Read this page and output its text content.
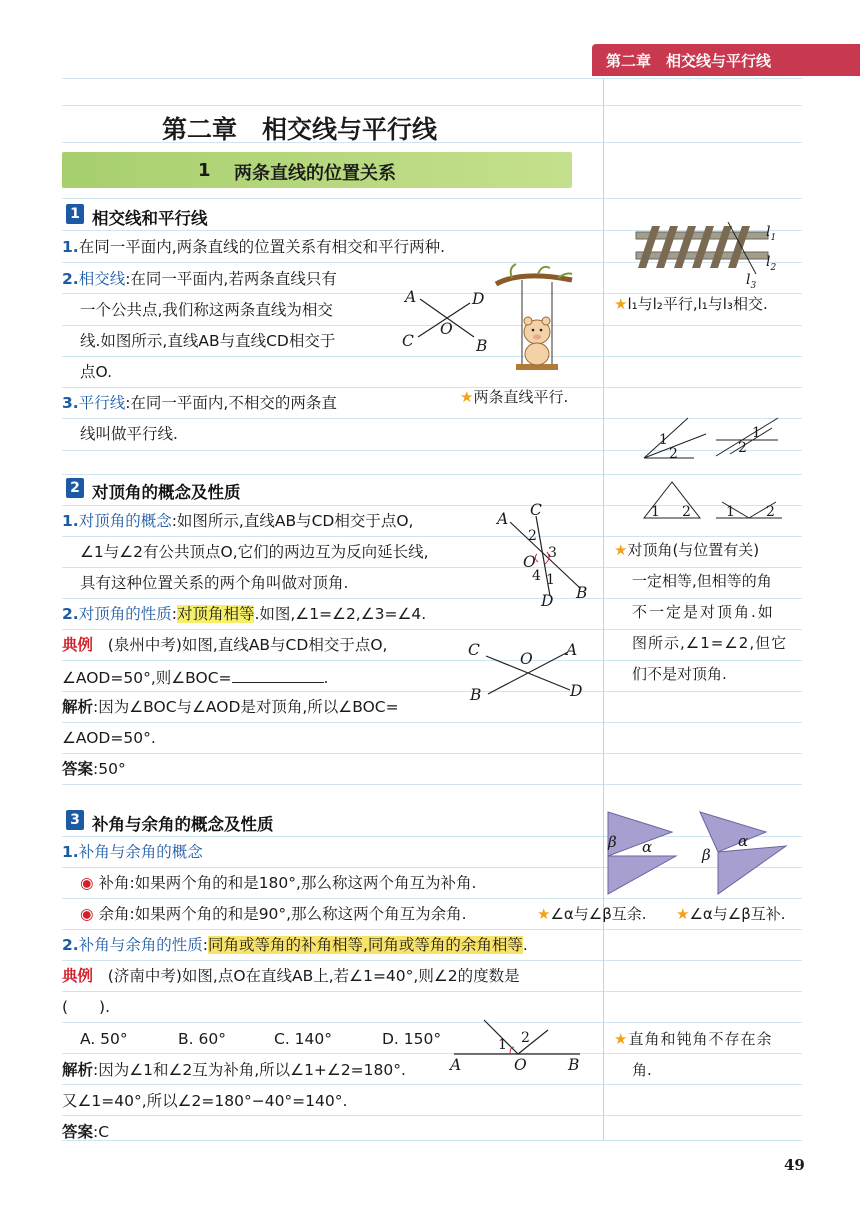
第二章　相交线与平行线
第二章　相交线与平行线
1 两条直线的位置关系
1 相交线和平行线
1.在同一平面内,两条直线的位置关系有相交和平行两种.
2.相交线:在同一平面内,若两条直线只有
一个公共点,我们称这两条直线为相交
线.如图所示,直线AB与直线CD相交于
点O.
3.平行线:在同一平面内,不相交的两条直
线叫做平行线.
A	D
O
C	B
★两条直线平行.
$l_1$
$l_2$
$l_3$
★l₁与l₂平行,l₁与l₃相交.
1
2
1
2
1 2	1 2
★对顶角(与位置有关)
一定相等,但相等的角
不一定是对顶角.如
图所示,∠1=∠2,但它
们不是对顶角.
2 对顶角的概念及性质
1.对顶角的概念:如图所示,直线AB与CD相交于点O,
∠1与∠2有公共顶点O,它们的两边互为反向延长线,
具有这种位置关系的两个角叫做对顶角.
2.对顶角的性质:对顶角相等.如图,∠1=∠2,∠3=∠4.
A C
2
O 3
4 1
B
D
典例 (泉州中考)如图,直线AB与CD相交于点O,
∠AOD=50°,则∠BOC=	.
解析:因为∠BOC与∠AOD是对顶角,所以∠BOC=
∠AOD=50°.
答案:50°
C	O A
B	D
3 补角与余角的概念及性质
1.补角与余角的概念
◉ 补角:如果两个角的和是180°,那么称这两个角互为补角.
◉ 余角:如果两个角的和是90°,那么称这两个角互为余角.
2.补角与余角的性质:同角或等角的补角相等,同角或等角的余角相等.
β α	β
α
★∠α与∠β互余. ★∠α与∠β互补.
典例 (济南中考)如图,点O在直线AB上,若∠1=40°,则∠2的度数是
(　　).
A. 50°	B. 60°	C. 140°	D. 150°
解析:因为∠1和∠2互为补角,所以∠1+∠2=180°.
又∠1=40°,所以∠2=180°−40°=140°.
答案:C
1 2
A	O	B
★直角和钝角不存在余
角.
49
